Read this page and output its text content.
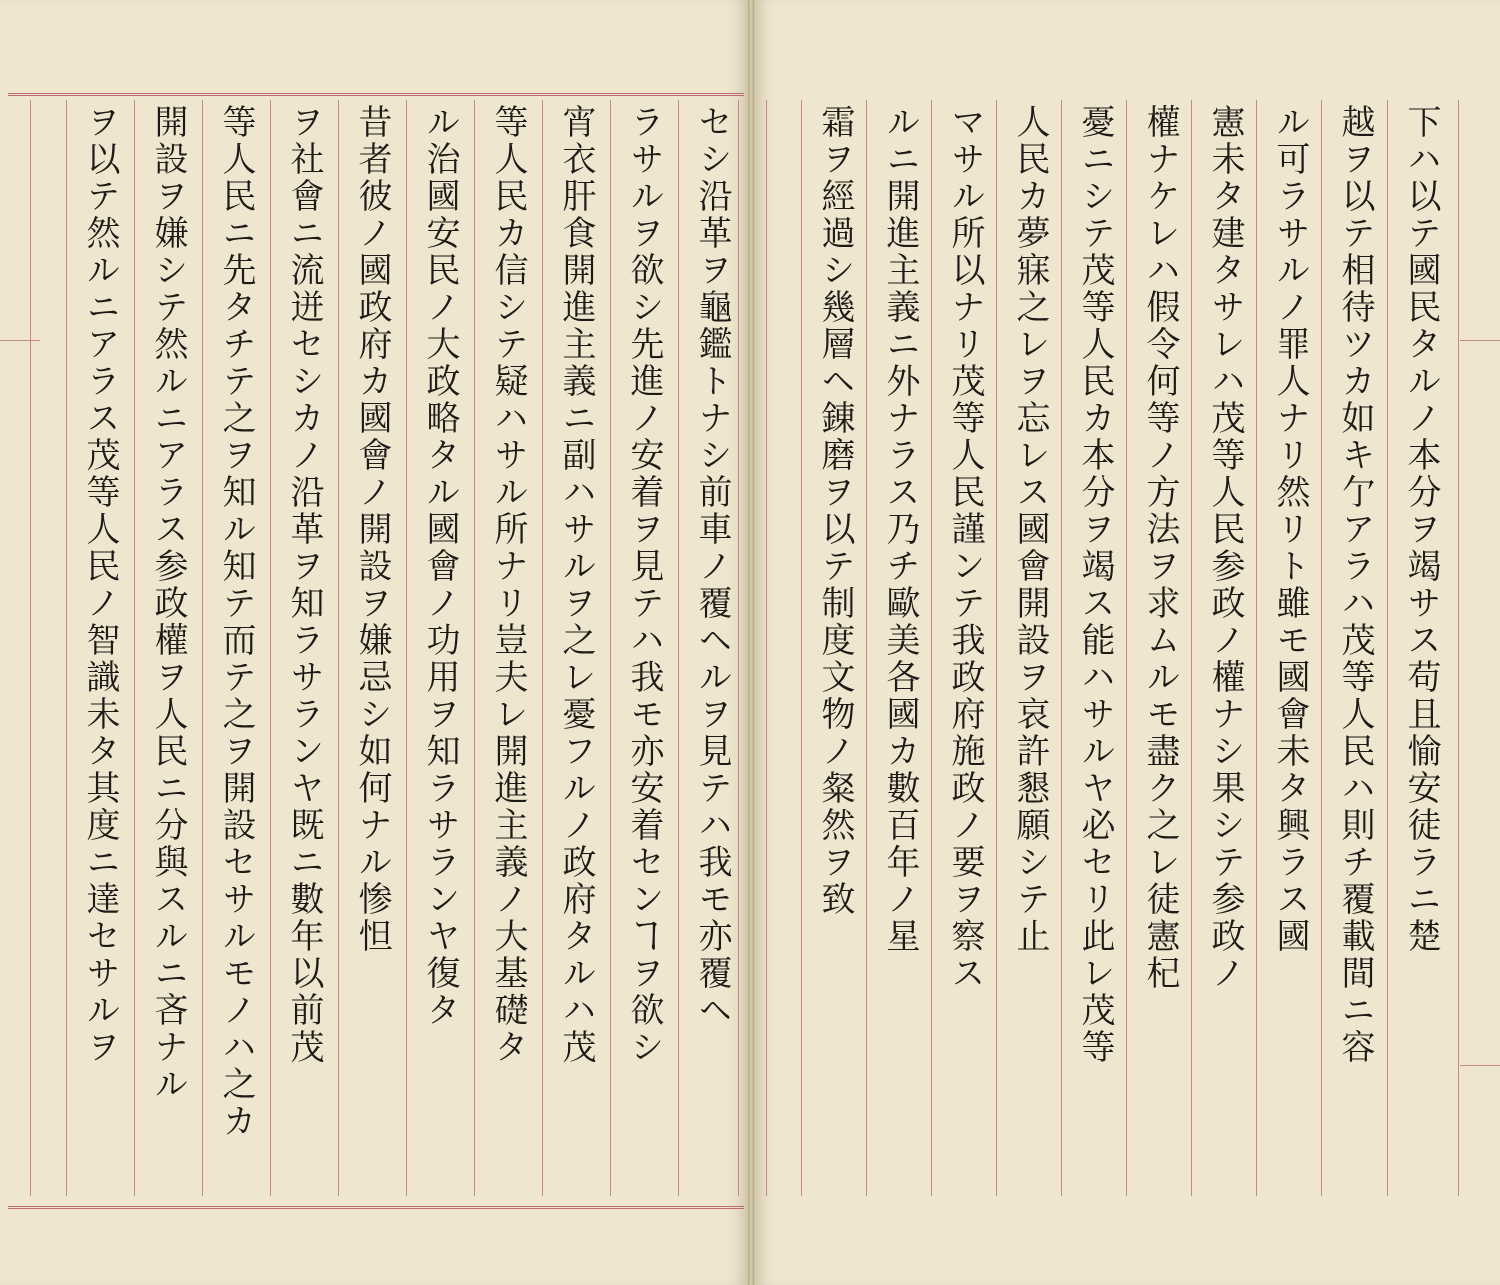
下ハ以テ國民タルノ本分ヲ竭サス苟且愉安徒ラニ楚
越ヲ以テ相待ツカ如キ亇アラハ茂等人民ハ則チ覆載間ニ容
ル可ラサルノ罪人ナリ然リト雖モ國會未タ興ラス國
憲未タ建タサレハ茂等人民参政ノ權ナシ果シテ参政ノ
權ナケレハ假令何等ノ方法ヲ求ムルモ盡ク之レ徒憲杞
憂ニシテ茂等人民カ本分ヲ竭ス能ハサルヤ必セリ此レ茂等
人民カ夢寐之レヲ忘レス國會開設ヲ哀許懇願シテ止
マサル所以ナリ茂等人民謹ンテ我政府施政ノ要ヲ察ス
ルニ開進主義ニ外ナラス乃チ歐美各國カ數百年ノ星
霜ヲ經過シ幾層ヘ錬磨ヲ以テ制度文物ノ粲然ヲ致
セシ沿革ヲ龜鑑トナシ前車ノ覆ヘルヲ見テハ我モ亦覆ヘ
ラサルヲ欲シ先進ノ安着ヲ見テハ我モ亦安着センヿヲ欲シ
宵衣肝食開進主義ニ副ハサルヲ之レ憂フルノ政府タルハ茂
等人民カ信シテ疑ハサル所ナリ豈夫レ開進主義ノ大基礎タ
ル治國安民ノ大政略タル國會ノ功用ヲ知ラサランヤ復タ
昔者彼ノ國政府カ國會ノ開設ヲ嫌忌シ如何ナル惨怛
ヲ社會ニ流迸セシカノ沿革ヲ知ラサランヤ既ニ數年以前茂
等人民ニ先タチテ之ヲ知ル知テ而テ之ヲ開設セサルモノハ之カ
開設ヲ嫌シテ然ルニアラス参政權ヲ人民ニ分與スルニ吝ナル
ヲ以テ然ルニアラス茂等人民ノ智識未タ其度ニ達セサルヲ
